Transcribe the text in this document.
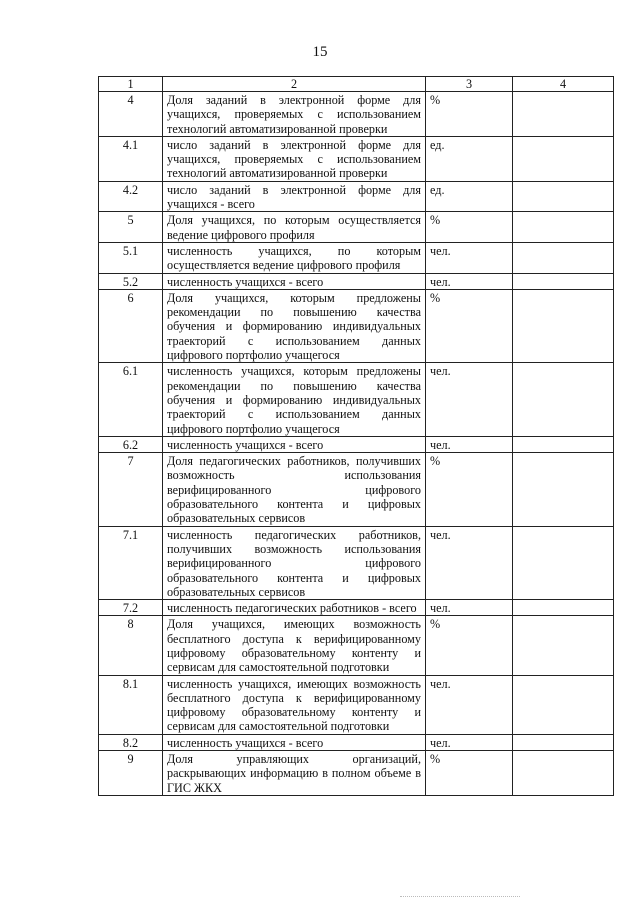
15
1	2	3	4
4	Доля заданий в электронной форме для учащихся, проверяемых с использованием технологий автоматизированной проверки	%	
4.1	число заданий в электронной форме для учащихся, проверяемых с использованием технологий автоматизированной проверки	ед.	
4.2	число заданий в электронной форме для учащихся - всего	ед.	
5	Доля учащихся, по которым осуществляется ведение цифрового профиля	%	
5.1	численность учащихся, по которым осуществляется ведение цифрового профиля	чел.	
5.2	численность учащихся - всего	чел.	
6	Доля учащихся, которым предложены рекомендации по повышению качества обучения и формированию индивидуальных траекторий с использованием данных цифрового портфолио учащегося	%	
6.1	численность учащихся, которым предложены рекомендации по повышению качества обучения и формированию индивидуальных траекторий с использованием данных цифрового портфолио учащегося	чел.	
6.2	численность учащихся - всего	чел.	
7	Доля педагогических работников, получивших возможность использования верифицированного цифрового образовательного контента и цифровых образовательных сервисов	%	
7.1	численность педагогических работников, получивших возможность использования верифицированного цифрового образовательного контента и цифровых образовательных сервисов	чел.	
7.2	численность педагогических работников - всего	чел.	
8	Доля учащихся, имеющих возможность бесплатного доступа к верифицированному цифровому образовательному контенту и сервисам для самостоятельной подготовки	%	
8.1	численность учащихся, имеющих возможность бесплатного доступа к верифицированному цифровому образовательному контенту и сервисам для самостоятельной подготовки	чел.	
8.2	численность учащихся - всего	чел.	
9	Доля управляющих организаций, раскрывающих информацию в полном объеме в ГИС ЖКХ	%	
